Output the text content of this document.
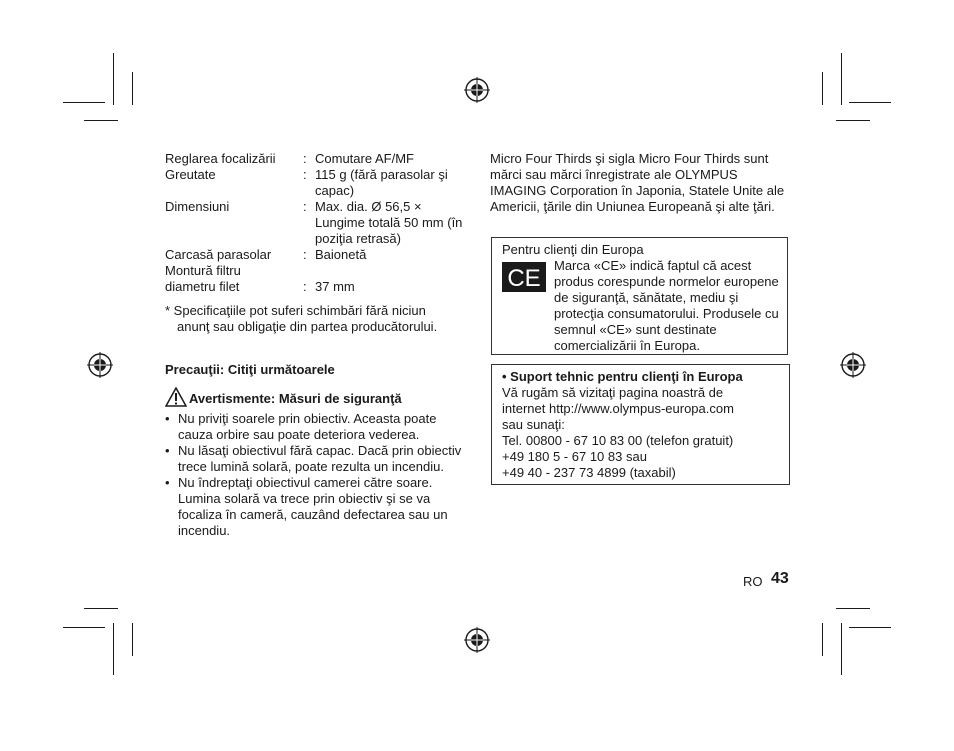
Reglarea focalizării	: Comutare AF/MF
Greutate	: 115 g (fără parasolar şi capac)
Dimensiuni	: Max. dia. Ø 56,5 × Lungime totală 50 mm (în poziţia retrasă)
Carcasă parasolar	: Baionetă
Montură filtru diametru filet	: 37 mm
* Specificaţiile pot suferi schimbări fără niciun
anunţ sau obligaţie din partea producătorului.
Precauţii: Citiţi următoarele
Avertismente: Măsuri de siguranţă
• Nu priviţi soarele prin obiectiv. Aceasta poate cauza orbire sau poate deteriora vederea.
• Nu lăsaţi obiectivul fără capac. Dacă prin obiectiv trece lumină solară, poate rezulta un incendiu.
• Nu îndreptaţi obiectivul camerei către soare. Lumina solară va trece prin obiectiv şi se va focaliza în cameră, cauzând defectarea sau un incendiu.
Micro Four Thirds şi sigla Micro Four Thirds sunt mărci sau mărci înregistrate ale OLYMPUS IMAGING Corporation în Japonia, Statele Unite ale Americii, ţările din Uniunea Europeană şi alte ţări.
Pentru clienţi din Europa
CE Marca «CE» indică faptul că acest produs corespunde normelor europene de siguranţă, sănătate, mediu şi protecţia consumatorului. Produsele cu semnul «CE» sunt destinate comercializării în Europa.
• Suport tehnic pentru clienţi în Europa
Vă rugăm să vizitaţi pagina noastră de
internet http://www.olympus-europa.com
sau sunaţi:
Tel. 00800 - 67 10 83 00 (telefon gratuit)
+49 180 5 - 67 10 83 sau
+49 40 - 237 73 4899 (taxabil)
RO 43
